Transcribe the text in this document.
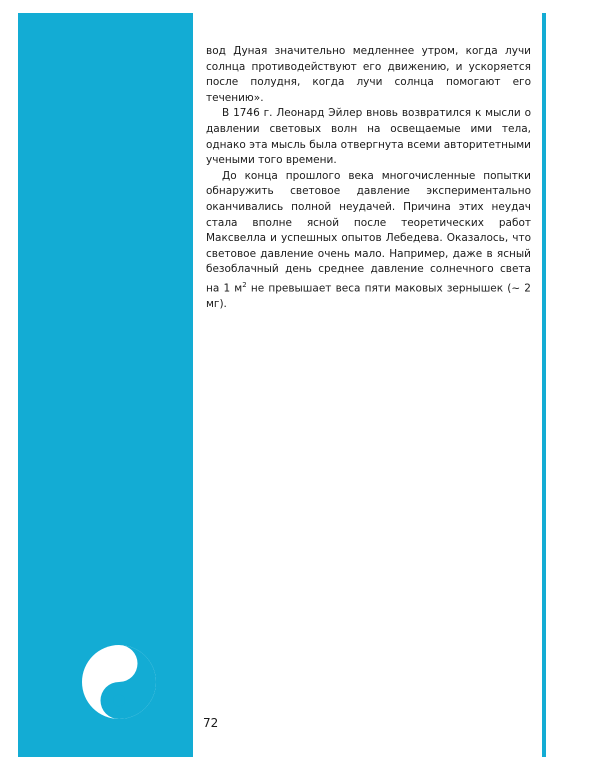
вод Дуная значительно медленнее утром, когда лучи солнца противодействуют его движению, и ускоряется после полудня, когда лучи солнца помогают его течению».

В 1746 г. Леонард Эйлер вновь возвратился к мысли о давлении световых волн на освещаемые ими тела, однако эта мысль была отвергнута всеми авторитетными учеными того времени.

До конца прошлого века многочисленные попытки обнаружить световое давление экспериментально оканчивались полной неудачей. Причина этих неудач стала вполне ясной после теоретических работ Максвелла и успешных опытов Лебедева. Оказалось, что световое давление очень мало. Например, даже в ясный безоблачный день среднее давление солнечного света на 1 $м^2$ не превышает веса пяти маковых зернышек (~ 2 мг).

72
